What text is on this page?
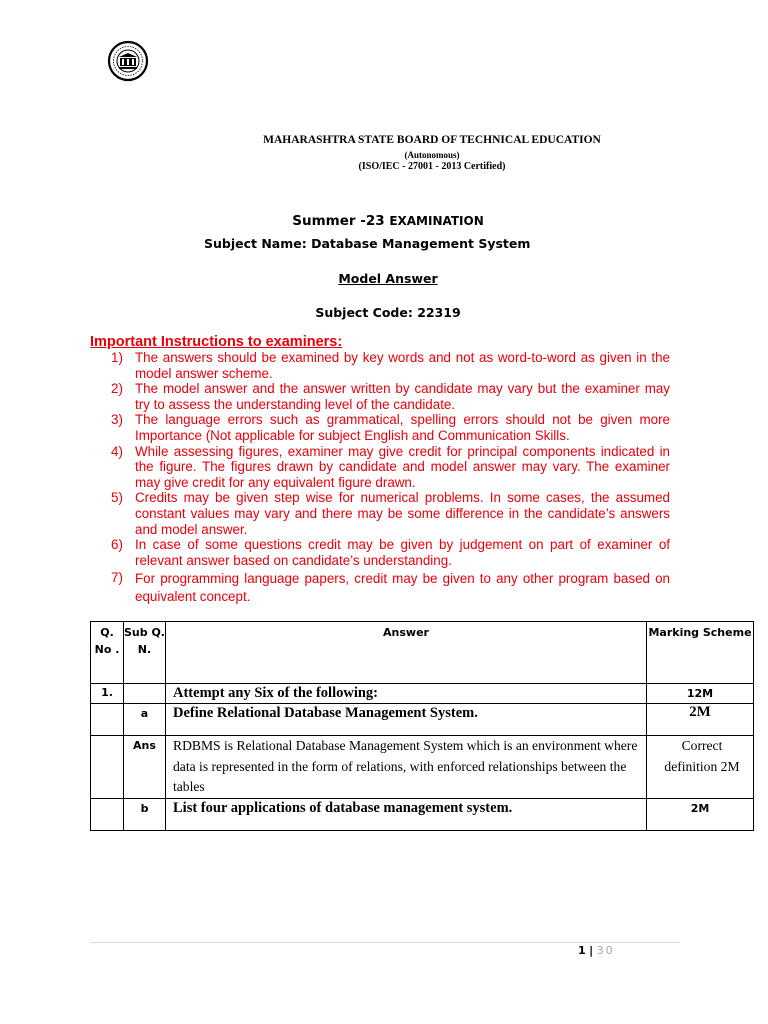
MAHARASHTRA STATE BOARD OF TECHNICAL EDUCATION
(Autonomous)
(ISO/IEC - 27001 - 2013 Certified)
Summer -23 EXAMINATION
Subject Name: Database Management System
Model Answer
Subject Code: 22319
Important Instructions to examiners:
1) The answers should be examined by key words and not as word-to-word as given in the model answer scheme.
2) The model answer and the answer written by candidate may vary but the examiner may try to assess the understanding level of the candidate.
3) The language errors such as grammatical, spelling errors should not be given more Importance (Not applicable for subject English and Communication Skills.
4) While assessing figures, examiner may give credit for principal components indicated in the figure. The figures drawn by candidate and model answer may vary. The examiner may give credit for any equivalent figure drawn.
5) Credits may be given step wise for numerical problems. In some cases, the assumed constant values may vary and there may be some difference in the candidate’s answers and model answer.
6) In case of some questions credit may be given by judgement on part of examiner of relevant answer based on candidate’s understanding.
7) For programming language papers, credit may be given to any other program based on equivalent concept.
Q. No .	Sub Q. N.	Answer	Marking Scheme
1.		Attempt any Six of the following:	12M
	a	Define Relational Database Management System.	2M
	Ans	RDBMS is Relational Database Management System which is an environment where data is represented in the form of relations, with enforced relationships between the tables	Correct definition 2M
	b	List four applications of database management system.	2M
1 | 30
